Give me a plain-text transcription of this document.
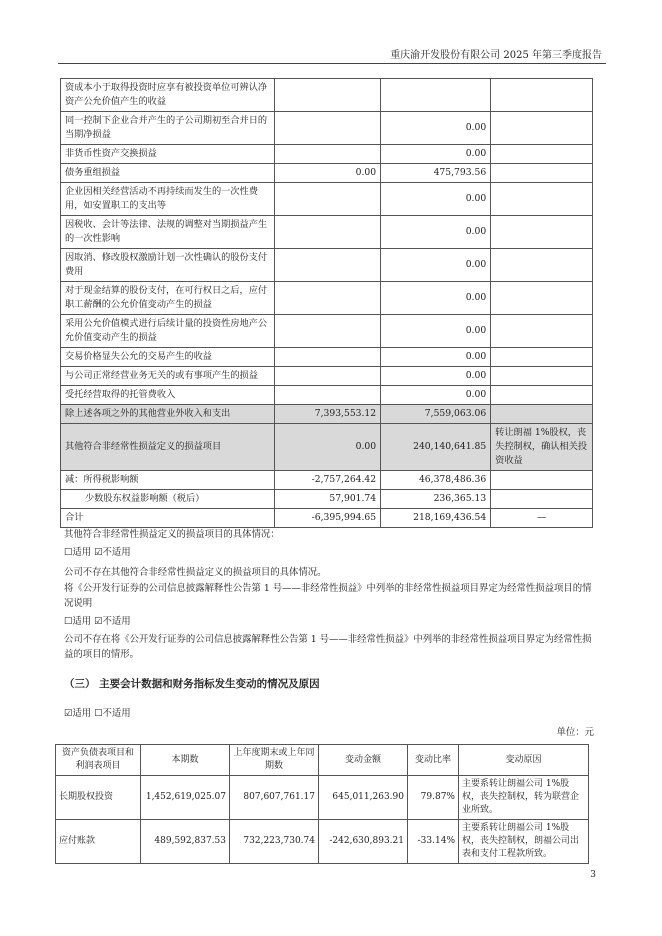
重庆渝开发股份有限公司 2025 年第三季度报告
资成本小于取得投资时应享有被投资单位可辨认净资产公允价值产生的收益			
同一控制下企业合并产生的子公司期初至合并日的当期净损益		0.00	
非货币性资产交换损益		0.00	
债务重组损益	0.00	475,793.56	
企业因相关经营活动不再持续而发生的一次性费用，如安置职工的支出等		0.00	
因税收、会计等法律、法规的调整对当期损益产生的一次性影响		0.00	
因取消、修改股权激励计划一次性确认的股份支付费用		0.00	
对于现金结算的股份支付，在可行权日之后，应付职工薪酬的公允价值变动产生的损益		0.00	
采用公允价值模式进行后续计量的投资性房地产公允价值变动产生的损益		0.00	
交易价格显失公允的交易产生的收益		0.00	
与公司正常经营业务无关的或有事项产生的损益		0.00	
受托经营取得的托管费收入		0.00	
除上述各项之外的其他营业外收入和支出	7,393,553.12	7,559,063.06	
其他符合非经常性损益定义的损益项目	0.00	240,140,641.85	转让朗福 1%股权，丧失控制权，确认相关投资收益
减：所得税影响额	-2,757,264.42	46,378,486.36	
少数股东权益影响额（税后）	57,901.74	236,365.13	
合计	-6,395,994.65	218,169,436.54	—
其他符合非经常性损益定义的损益项目的具体情况：
☐适用 ☑不适用
公司不存在其他符合非经常性损益定义的损益项目的具体情况。
将《公开发行证券的公司信息披露解释性公告第 1 号——非经常性损益》中列举的非经常性损益项目界定为经常性损益项目的情况说明
☐适用 ☑不适用
公司不存在将《公开发行证券的公司信息披露解释性公告第 1 号——非经常性损益》中列举的非经常性损益项目界定为经常性损益的项目的情形。
（三） 主要会计数据和财务指标发生变动的情况及原因
☑适用 ☐不适用
单位：元
资产负债表项目和利润表项目	本期数	上年度期末或上年同期数	变动金额	变动比率	变动原因
长期股权投资	1,452,619,025.07	807,607,761.17	645,011,263.90	79.87%	主要系转让朗福公司 1%股权，丧失控制权，转为联营企业所致。
应付账款	489,592,837.53	732,223,730.74	-242,630,893.21	-33.14%	主要系转让朗福公司 1%股权，丧失控制权，朗福公司出表和支付工程款所致。
3
